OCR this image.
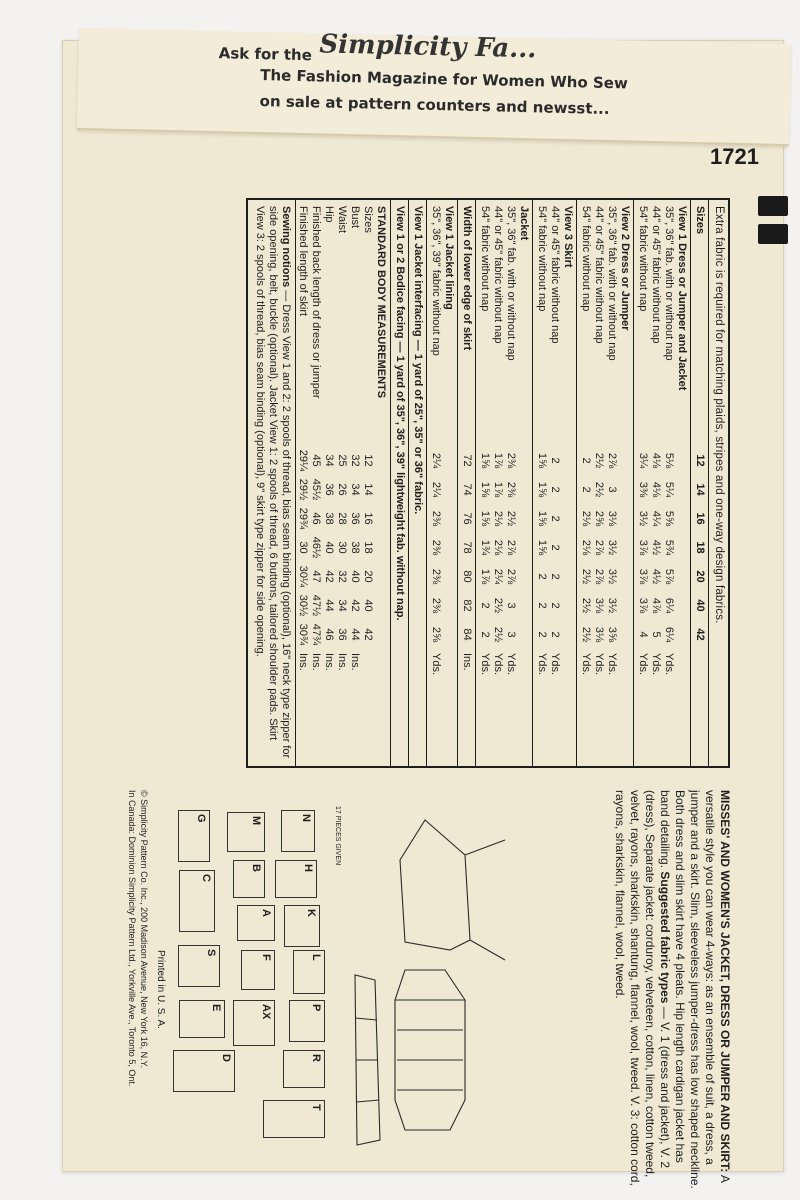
Ask for the Simplicity Fa...
The Fashion Magazine for Women Who Sew
on sale at pattern counters and newsst...
1721
Extra fabric is required for matching plaids, stripes and one-way design fabrics.
Sizes
12
14
16
18
20
40
42
View 1 Dress or Jumper and Jacket
35", 36" fab. with or without nap
5⅛
5¼
5⅝
5¾
5⅞
6¼
6¼
Yds.
44" or 45" fabric without nap
4⅛
4⅛
4¼
4½
4½
4⅞
5
Yds.
54" fabric without nap
3¼
3⅜
3½
3⅞
3⅞
3⅞
4
Yds.
View 2 Dress or Jumper
35", 36" fab. with or without nap
2⅞
3
3⅛
3½
3½
3½
3⅝
Yds.
44" or 45" fabric without nap
2½
2½
2⅝
2⅞
2⅞
3⅛
3⅛
Yds.
54" fabric without nap
2
2
2⅛
2⅛
2½
2½
2½
Yds.
View 3 Skirt
44" or 45" fabric without nap
2
2
2
2
2
2
2
Yds.
54" fabric without nap
1⅝
1⅝
1⅝
1⅝
2
2
2
Yds.
Jacket
35", 36" fab. with or without nap
2⅜
2⅜
2½
2⅞
2⅞
3
3
Yds.
44" or 45" fabric without nap
1⅞
1⅞
2⅛
2⅛
2¼
2½
2½
Yds.
54" fabric without nap
1⅝
1⅝
1⅝
1¾
1⅞
2
2
Yds.
Width of lower edge of skirt
72
74
76
78
80
82
84
Ins.
View 1 Jacket lining
35", 36", 39" fabric without nap
2¼
2¼
2⅜
2⅜
2⅜
2⅜
2⅝
Yds.
View 1 Jacket interfacing — 1 yard of 25", 35" or 36" fabric.
View 1 or 2 Bodice facing — 1 yard of 35", 36", 39" lightweight fab. without nap.
STANDARD BODY MEASUREMENTS
Sizes
12
14
16
18
20
40
42
Bust
32
34
36
38
40
42
44
Ins.
Waist
25
26
28
30
32
34
36
Ins.
Hip
34
36
38
40
42
44
46
Ins.
Finished back length of dress or jumper
45
45½
46
46½
47
47½
47¾
Ins.
Finished length of skirt
29¼
29½
29¾
30
30¼
30½
30¾
Ins.
Sewing notions — Dress View 1 and 2: 2 spools of thread, bias seam binding (optional), 16" neck type zipper for side opening, belt, buckle (optional). Jacket View 1: 2 spools of thread, 6 buttons, tailored shoulder pads. Skirt View 3: 2 spools of thread, bias seam binding (optional), 9" skirt type zipper for side opening.
MISSES' AND WOMEN'S JACKET, DRESS OR JUMPER AND SKIRT: A versatile style you can wear 4-ways: as an ensemble of suit, a dress, a jumper and a skirt. Slim, sleeveless jumper-dress has low shaped neckline. Both dress and slim skirt have 4 pleats. Hip length cardigan jacket has band detailing. Suggested fabric types — V. 1 (dress and jacket), V. 2 (dress), Separate jacket: corduroy, velveteen, cotton, linen, cotton tweed, velvet, rayons, sharkskin, shantung, flannel, wool, tweed. V. 3: cotton cord, rayons, sharkskin, flannel, wool, tweed.
17 PIECES GIVEN
N
M
H
K
L
B
A
F
G
C
S
E
D
P
R
T
AX
© Simplicity Pattern Co. Inc., 200 Madison Avenue, New York 16, N.Y.
In Canada: Dominion Simplicity Pattern Ltd., Yorkville Ave., Toronto 5, Ont. Printed in U. S. A.
